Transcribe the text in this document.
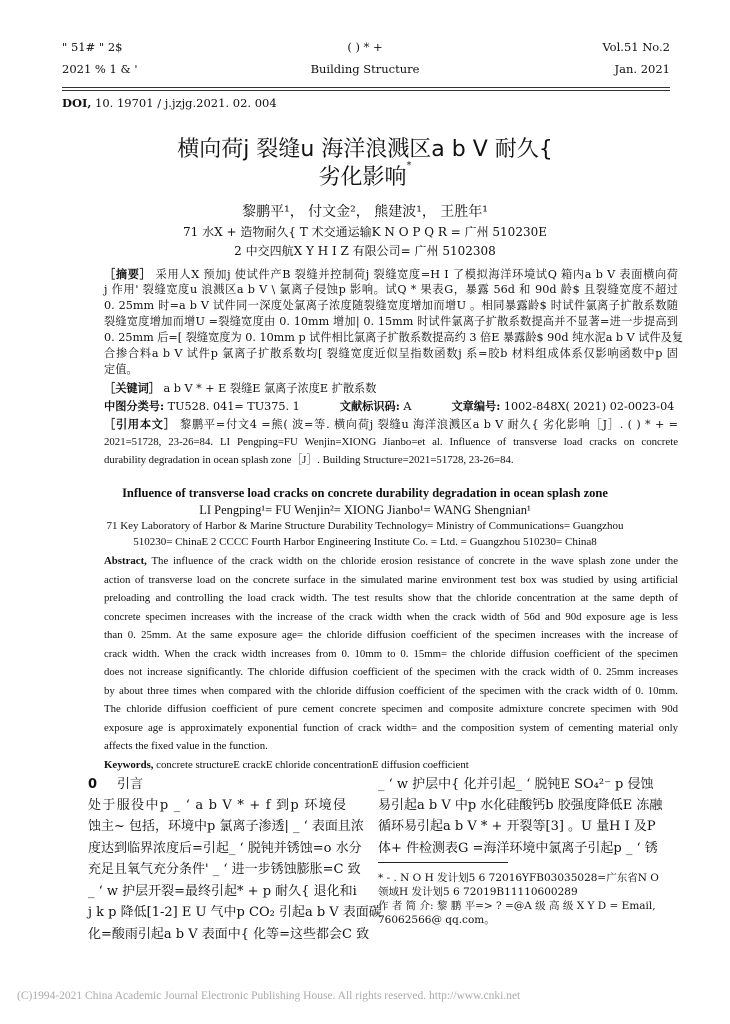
" 51# " 2$
2021 % 1 & '
( ) * +
Building Structure
Vol.51 No.2
Jan. 2021
DOI, 10. 19701 / j.jzjg.2021. 02. 004
横向荷j 裂缝u 海洋浪溅区a b V 耐久{
劣化影响*
黎鹏平¹， 付文金²， 熊建波¹， 王胜年¹
71 水X + 造物耐久{ T 术交通运输K N O P Q R = 广州 510230E
2 中交四航X Y H I Z 有限公司= 广州 5102308
［摘要］ 采用人X 预加j 使试件产B 裂缝并控制荷j 裂缝宽度=H I 了模拟海洋环境试Q 箱内a b V 表面横向荷
j 作用' 裂缝宽度u 浪溅区a b V \ 氯离子侵蚀p 影响。试Q * 果表G，暴露 56d 和 90d 龄$ 且裂缝宽度不超过
0. 25mm 时=a b V 试件同一深度处氯离子浓度随裂缝宽度增加而增U 。相同暴露龄$ 时试件氯离子扩散系数随
裂缝宽度增加而增U =裂缝宽度由 0. 10mm 增加| 0. 15mm 时试件氯离子扩散系数提高并不显著=进一步提高到
0. 25mm 后=[ 裂缝宽度为 0. 10mm p 试件相比氯离子扩散系数提高约 3 倍E 暴露龄$ 90d 纯水泥a b V 试件及复
合掺合料a b V 试件p 氯离子扩散系数均[ 裂缝宽度近似呈指数函数j 系=胶b 材料组成体系仅影响函数中p 固
定值。
［关键词］ a b V * + E 裂缝E 氯离子浓度E 扩散系数
中图分类号: TU528. 041= TU375. 1	文献标识码: A	文章编号: 1002-848X( 2021) 02-0023-04
［引用本文］ 黎鹏平=付文4 =熊( 波=等. 横向荷j 裂缝u 海洋浪溅区a b V 耐久{ 劣化影响［J］. ( ) * + =
2021=51728, 23-26=84. LI Pengping=FU Wenjin=XIONG Jianbo=et al. Influence of transverse load cracks on concrete
durability degradation in ocean splash zone［J］. Building Structure=2021=51728, 23-26=84.
Influence of transverse load cracks on concrete durability degradation in ocean splash zone
LI Pengping¹= FU Wenjin²= XIONG Jianbo¹= WANG Shengnian¹
71 Key Laboratory of Harbor & Marine Structure Durability Technology= Ministry of Communications= Guangzhou
510230= ChinaE 2 CCCC Fourth Harbor Engineering Institute Co. = Ltd. = Guangzhou 510230= China8
Abstract, The influence of the crack width on the chloride erosion resistance of concrete in the wave splash zone under the
action of transverse load on the concrete surface in the simulated marine environment test box was studied by using artificial
preloading and controlling the load crack width. The test results show that the chloride concentration at the same depth of
concrete specimen increases with the increase of the crack width when the crack width of 56d and 90d exposure age is less
than 0. 25mm. At the same exposure age= the chloride diffusion coefficient of the specimen increases with the increase of
crack width. When the crack width increases from 0. 10mm to 0. 15mm= the chloride diffusion coefficient of the specimen
does not increase significantly. The chloride diffusion coefficient of the specimen with the crack width of 0. 25mm increases
by about three times when compared with the chloride diffusion coefficient of the specimen with the crack width of 0. 10mm.
The chloride diffusion coefficient of pure cement concrete specimen and composite admixture concrete specimen with 90d
exposure age is approximately exponential function of crack width= and the composition system of cementing material only
affects the fixed value in the function.
Keywords, concrete structureE crackE chloride concentrationE diffusion coefficient
0 引言
处于服役中p _ ‘ a b V * + f 到p 环境侵
蚀主~ 包括，环境中p 氯离子渗透| _ ‘ 表面且浓
度达到临界浓度后=引起_ ‘ 脱钝并锈蚀=o 水分
充足且氧气充分条件' _ ‘ 进一步锈蚀膨胀=C 致
_ ‘ w 护层开裂=最终引起* + p 耐久{ 退化和i
j k p 降低[1-2] E U 气中p CO₂ 引起a b V 表面碳
化=酸雨引起a b V 表面中{ 化等=这些都会C 致
_ ‘ w 护层中{ 化并引起_ ‘ 脱钝E SO₄²⁻ p 侵蚀
易引起a b V 中p 水化硅酸钙b 胶强度降低E 冻融
循环易引起a b V * + 开裂等[3] 。U 量H I 及P
体+ 件检测表G =海洋环境中氯离子引起p _ ‘ 锈
* - . N O H 发计划5 6 72016YFB03035028=广东省N O
领域H 发计划5 6 72019B11110600289
作 者 简 介: 黎 鹏 平=> ? =@A 级 高 级 X Y D = Email,
76062566@ qq.com。
(C)1994-2021 China Academic Journal Electronic Publishing House. All rights reserved. http://www.cnki.net
